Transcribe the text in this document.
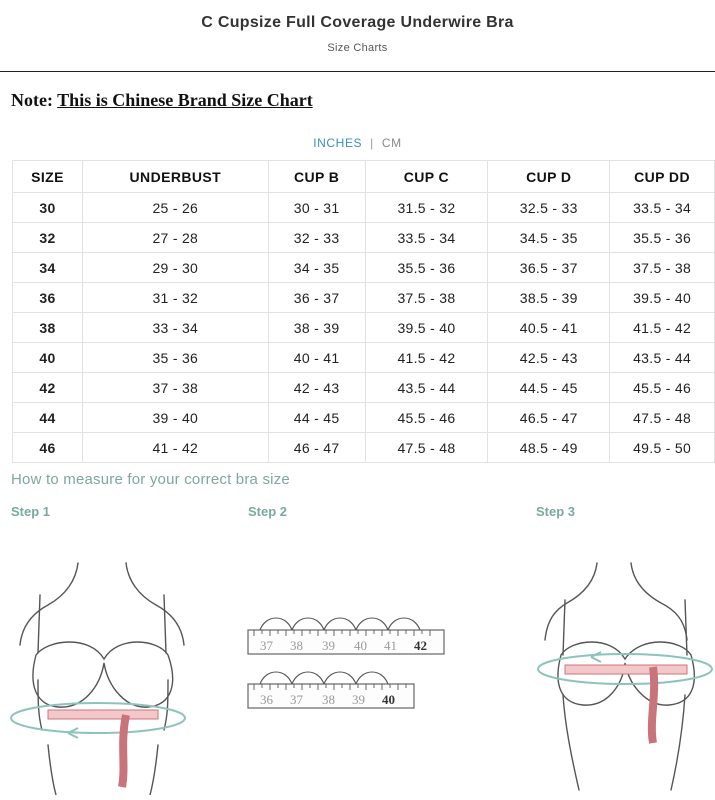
C Cupsize Full Coverage Underwire Bra
Size Charts
Note: This is Chinese Brand Size Chart
INCHES | CM
SIZE	UNDERBUST	CUP B	CUP C	CUP D	CUP DD
30	25 - 26	30 - 31	31.5 - 32	32.5 - 33	33.5 - 34
32	27 - 28	32 - 33	33.5 - 34	34.5 - 35	35.5 - 36
34	29 - 30	34 - 35	35.5 - 36	36.5 - 37	37.5 - 38
36	31 - 32	36 - 37	37.5 - 38	38.5 - 39	39.5 - 40
38	33 - 34	38 - 39	39.5 - 40	40.5 - 41	41.5 - 42
40	35 - 36	40 - 41	41.5 - 42	42.5 - 43	43.5 - 44
42	37 - 38	42 - 43	43.5 - 44	44.5 - 45	45.5 - 46
44	39 - 40	44 - 45	45.5 - 46	46.5 - 47	47.5 - 48
46	41 - 42	46 - 47	47.5 - 48	48.5 - 49	49.5 - 50
How to measure for your correct bra size
Step 1	Step 2	Step 3
37 38 39 40 41 42
36 37 38 39 40
